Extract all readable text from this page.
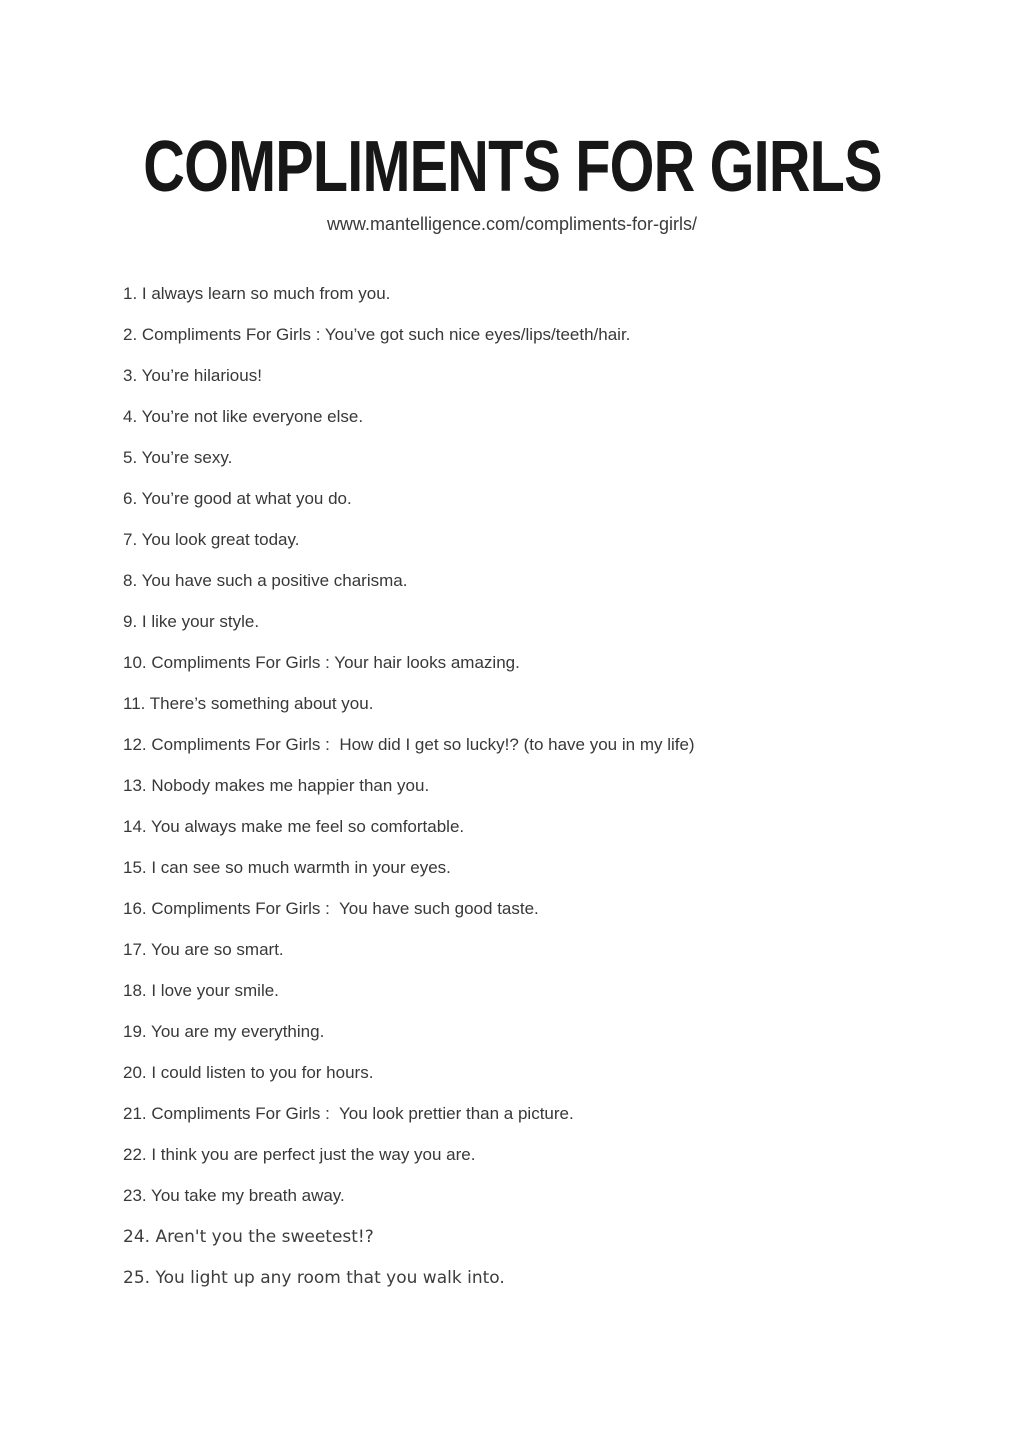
COMPLIMENTS FOR GIRLS
www.mantelligence.com/compliments-for-girls/
1. I always learn so much from you.
2. Compliments For Girls : You’ve got such nice eyes/lips/teeth/hair.
3. You’re hilarious!
4. You’re not like everyone else.
5. You’re sexy.
6. You’re good at what you do.
7. You look great today.
8. You have such a positive charisma.
9. I like your style.
10. Compliments For Girls : Your hair looks amazing.
11. There’s something about you.
12. Compliments For Girls :  How did I get so lucky!? (to have you in my life)
13. Nobody makes me happier than you.
14. You always make me feel so comfortable.
15. I can see so much warmth in your eyes.
16. Compliments For Girls :  You have such good taste.
17. You are so smart.
18. I love your smile.
19. You are my everything.
20. I could listen to you for hours.
21. Compliments For Girls :  You look prettier than a picture.
22. I think you are perfect just the way you are.
23. You take my breath away.
24. Aren't you the sweetest!?
25. You light up any room that you walk into.
